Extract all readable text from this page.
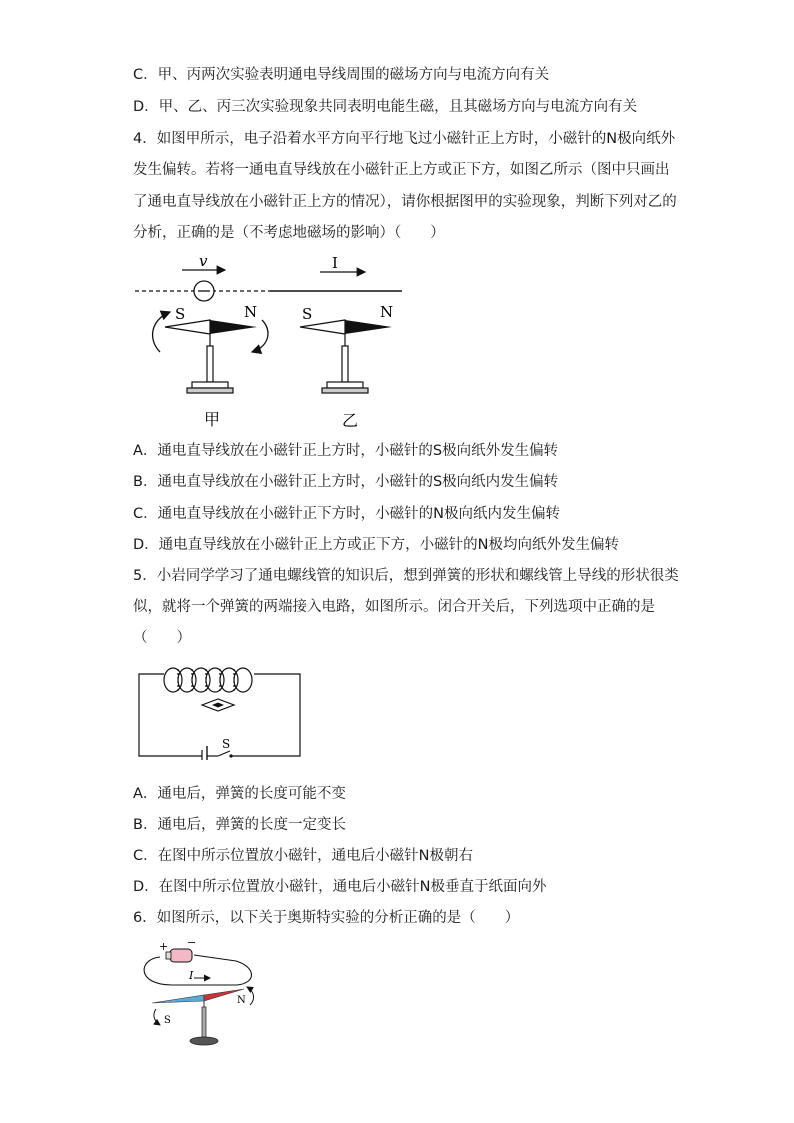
C．甲、丙两次实验表明通电导线周围的磁场方向与电流方向有关
D．甲、乙、丙三次实验现象共同表明电能生磁，且其磁场方向与电流方向有关
4．如图甲所示，电子沿着水平方向平行地飞过小磁针正上方时，小磁针的N极向纸外
发生偏转。若将一通电直导线放在小磁针正上方或正下方，如图乙所示（图中只画出
了通电直导线放在小磁针正上方的情况），请你根据图甲的实验现象，判断下列对乙的
分析，正确的是（不考虑地磁场的影响）（　　）
v	I
S	N	S	N
甲	乙
A．通电直导线放在小磁针正上方时，小磁针的S极向纸外发生偏转
B．通电直导线放在小磁针正上方时，小磁针的S极向纸内发生偏转
C．通电直导线放在小磁针正下方时，小磁针的N极向纸内发生偏转
D．通电直导线放在小磁针正上方或正下方，小磁针的N极均向纸外发生偏转
5．小岩同学学习了通电螺线管的知识后，想到弹簧的形状和螺线管上导线的形状很类
似，就将一个弹簧的两端接入电路，如图所示。闭合开关后，下列选项中正确的是
（　　）
S
A．通电后，弹簧的长度可能不变
B．通电后，弹簧的长度一定变长
C．在图中所示位置放小磁针，通电后小磁针N极朝右
D．在图中所示位置放小磁针，通电后小磁针N极垂直于纸面向外
6．如图所示，以下关于奥斯特实验的分析正确的是（　　）
+ −
I
S
N
